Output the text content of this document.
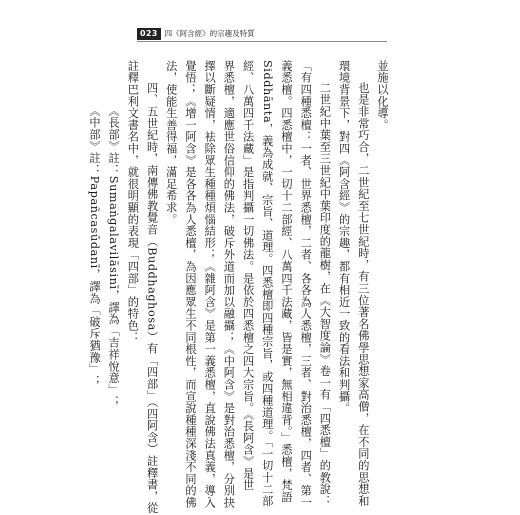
023 四《阿含經》的宗趣及特質

並施以化導。

也是非常巧合，二世紀至七世紀時，有三位著名佛學思想家高僧，在不同的思想和

環境背景下，對四《阿含經》的宗趣，都有相近一致的看法和判攝。

二世紀中葉至三世紀中葉印度的龍樹，在《大智度論》卷一有「四悉檀」的教說：

「有四種悉檀：一者、世界悉檀，二者、各各為人悉檀，三者、對治悉檀，四者、第一

義悉檀。四悉檀中，一切十二部經、八萬四千法藏，皆是實，無相違背。」悉檀，梵語

Siddhānta，義為成就、宗旨、道理。四悉檀即四種宗旨，或四種道理。「一切十二部

經、八萬四千法藏」是指判攝一切佛法。是依於四悉檀之四大宗旨。《長阿含》是世

界悉檀，適應世俗信仰的佛法，破斥外道而加以融攝；《中阿含》是對治悉檀，分別抉

擇以斷疑情，袪除眾生種種煩惱結形；《雜阿含》是第一義悉檀，直說佛法真義，導入

覺悟；《增一阿含》是各各為人悉檀，為因應眾生不同根性，而宣說種種深淺不同的佛

法，使能生善得福，滿足希求。

四、五世紀時，南傳佛教覺音（Buddhaghosa）有「四部」（四阿含）註釋書，從

註釋巴利文書名中，就很明顯的表現「四部」的特色：

《長部》註：Sumaṅgalavilāsinī，譯為「吉祥悅意」；

《中部》註：Papañcasūdanī，譯為「破斥猶豫」；
